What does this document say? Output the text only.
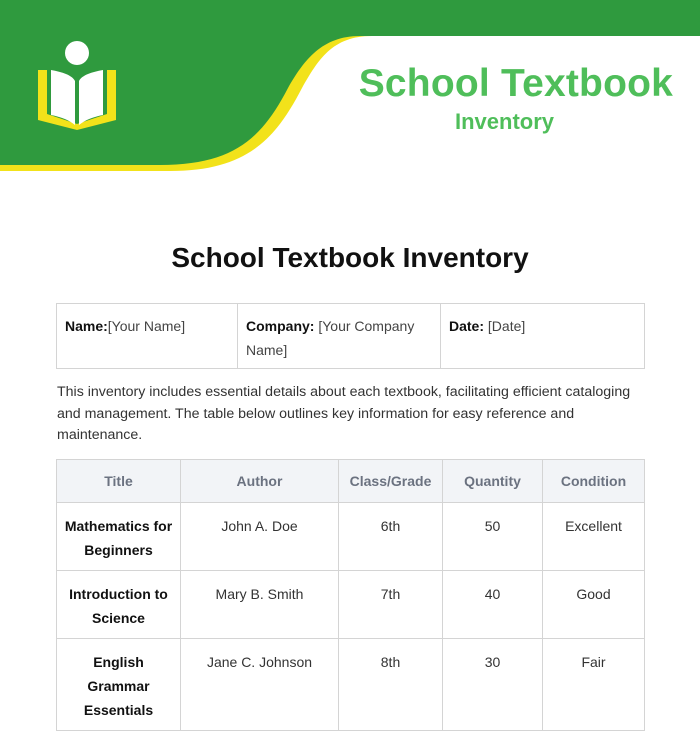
School Textbook
Inventory
School Textbook Inventory
Name:[Your Name]	Company: [Your Company Name]	Date: [Date]

This inventory includes essential details about each textbook, facilitating efficient cataloging and management. The table below outlines key information for easy reference and maintenance.

Title	Author	Class/Grade	Quantity	Condition
Mathematics for Beginners	John A. Doe	6th	50	Excellent
Introduction to Science	Mary B. Smith	7th	40	Good
English Grammar Essentials	Jane C. Johnson	8th	30	Fair
